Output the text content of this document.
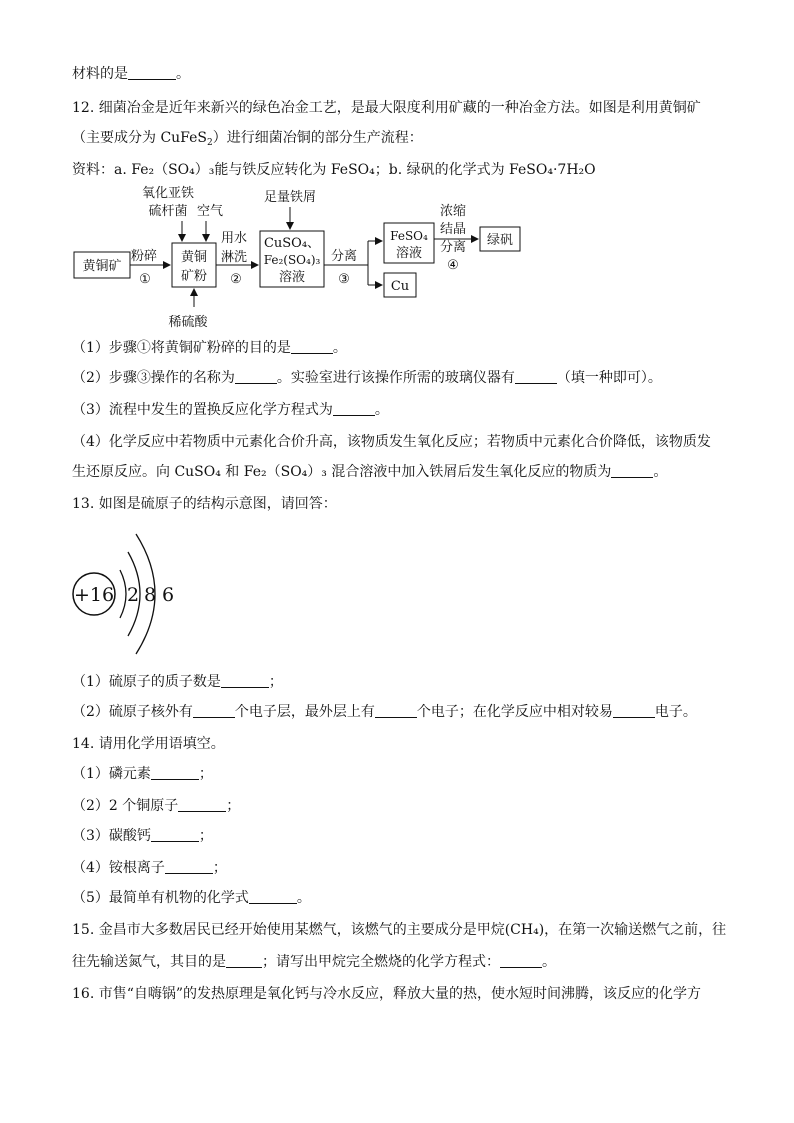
材料的是	。
12. 细菌冶金是近年来新兴的绿色冶金工艺，是最大限度利用矿藏的一种冶金方法。如图是利用黄铜矿
（主要成分为 CuFeS$_2$）进行细菌冶铜的部分生产流程：
资料：a. Fe₂（SO₄）₃能与铁反应转化为 FeSO₄；b. 绿矾的化学式为 FeSO₄·7H₂O
黄铜矿
粉碎
①
氧化亚铁
硫杆菌 空气
黄铜
矿粉
稀硫酸
用水
淋洗
②
足量铁屑
CuSO₄、
Fe₂(SO₄)₃
溶液
分离
③
FeSO₄
溶液
Cu
浓缩
结晶
分离
④
绿矾
（1）步骤①将黄铜矿粉碎的目的是	。
（2）步骤③操作的名称为	。实验室进行该操作所需的玻璃仪器有	（填一种即可）。
（3）流程中发生的置换反应化学方程式为	。
（4）化学反应中若物质中元素化合价升高，该物质发生氧化反应；若物质中元素化合价降低，该物质发
生还原反应。向 CuSO₄ 和 Fe₂（SO₄）₃ 混合溶液中加入铁屑后发生氧化反应的物质为	。
13. 如图是硫原子的结构示意图，请回答：
+16 2 8 6
（1）硫原子的质子数是	；
（2）硫原子核外有	个电子层，最外层上有	个电子；在化学反应中相对较易	电子。
14. 请用化学用语填空。
（1）磷元素	；
（2）2 个铜原子	；
（3）碳酸钙	；
（4）铵根离子	；
（5）最简单有机物的化学式	。
15. 金昌市大多数居民已经开始使用某燃气，该燃气的主要成分是甲烷(CH₄)，在第一次输送燃气之前，往
往先输送氮气，其目的是	；请写出甲烷完全燃烧的化学方程式：	。
16. 市售“自嗨锅”的发热原理是氧化钙与冷水反应，释放大量的热，使水短时间沸腾，该反应的化学方
